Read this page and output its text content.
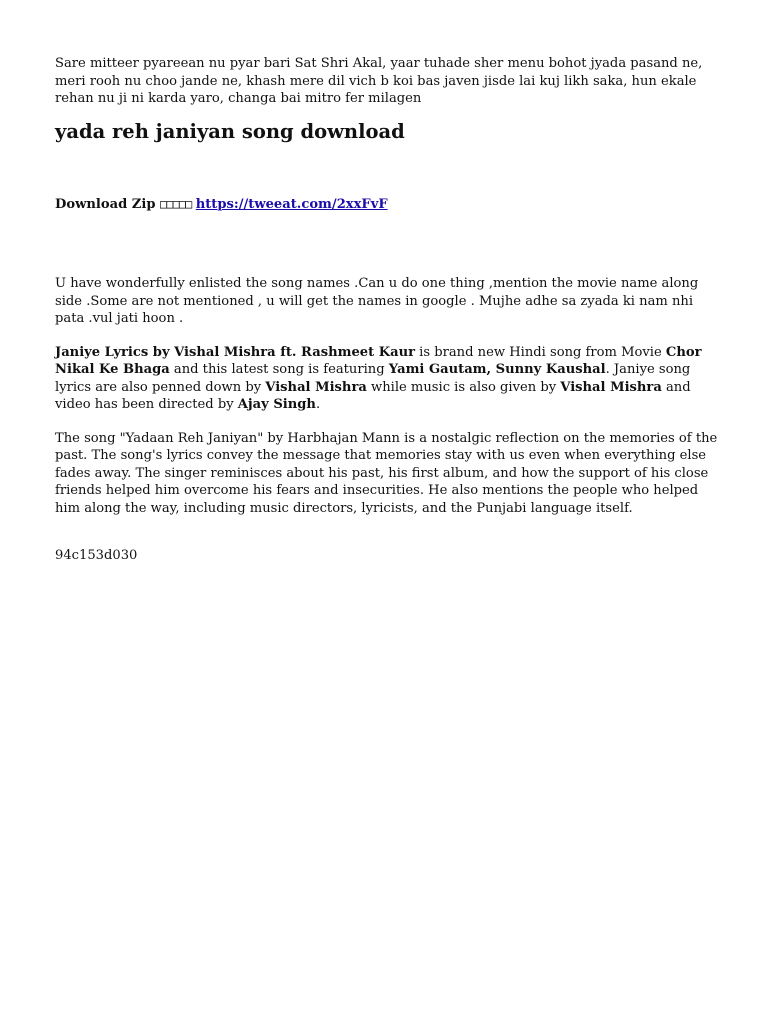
Sare mitteer pyareean nu pyar bari Sat Shri Akal, yaar tuhade sher menu bohot jyada pasand ne, meri rooh nu choo jande ne, khash mere dil vich b koi bas javen jisde lai kuj likh saka, hun ekale rehan nu ji ni karda yaro, changa bai mitro fer milagen

yada reh janiyan song download

Download Zip □□□□□ https://tweeat.com/2xxFvF

U have wonderfully enlisted the song names .Can u do one thing ,mention the movie name along side .Some are not mentioned , u will get the names in google . Mujhe adhe sa zyada ki nam nhi pata .vul jati hoon .

Janiye Lyrics by Vishal Mishra ft. Rashmeet Kaur is brand new Hindi song from Movie Chor Nikal Ke Bhaga and this latest song is featuring Yami Gautam, Sunny Kaushal. Janiye song lyrics are also penned down by Vishal Mishra while music is also given by Vishal Mishra and video has been directed by Ajay Singh.

The song "Yadaan Reh Janiyan" by Harbhajan Mann is a nostalgic reflection on the memories of the past. The song's lyrics convey the message that memories stay with us even when everything else fades away. The singer reminisces about his past, his first album, and how the support of his close friends helped him overcome his fears and insecurities. He also mentions the people who helped him along the way, including music directors, lyricists, and the Punjabi language itself.

94c153d030
